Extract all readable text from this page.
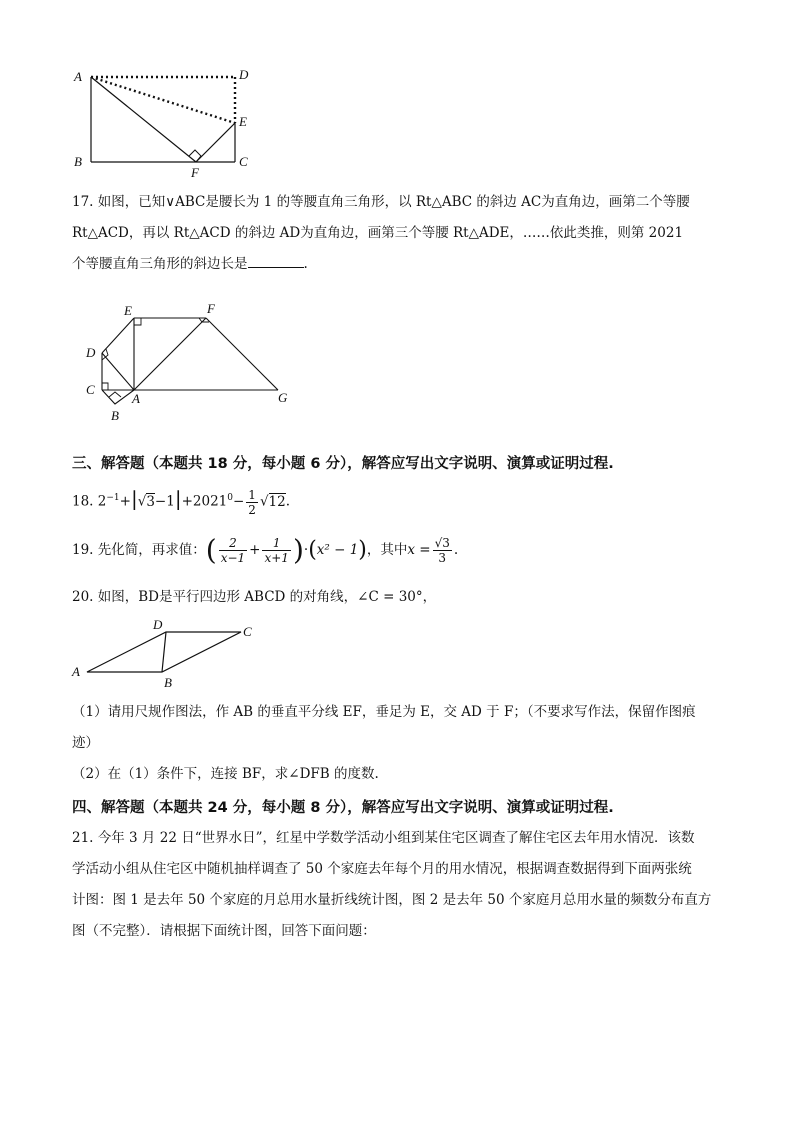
A
B	C
D
E
F
17. 如图，已知∨ABC是腰长为 1 的等腰直角三角形，以 Rt△ABC 的斜边 AC为直角边，画第二个等腰
Rt△ACD，再以 Rt△ACD 的斜边 AD为直角边，画第三个等腰 Rt△ADE，……依此类推，则第 2021
个等腰直角三角形的斜边长是	.
D
C
B
A
E	F
G
三、解答题（本题共 18 分，每小题 6 分），解答应写出文字说明、演算或证明过程.
18. $2^{-1}+|√3-1|+2021^0- \frac{1}{2} √12$.
19. 先化简，再求值：( $\frac{2}{x-1} + \frac{1}{x+1} )\cdot(x^2 - 1)$，其中$x = \frac{√3}{3}$ .
20. 如图，BD是平行四边形 ABCD 的对角线，∠C = 30°，
A
B
C
D
（1）请用尺规作图法，作 AB 的垂直平分线 EF，垂足为 E，交 AD 于 F；（不要求写作法，保留作图痕
迹）
（2）在（1）条件下，连接 BF，求∠DFB 的度数.
四、解答题（本题共 24 分，每小题 8 分），解答应写出文字说明、演算或证明过程.
21. 今年 3 月 22 日“世界水日”，红星中学数学活动小组到某住宅区调查了解住宅区去年用水情况．该数
学活动小组从住宅区中随机抽样调查了 50 个家庭去年每个月的用水情况，根据调查数据得到下面两张统
计图：图 1 是去年 50 个家庭的月总用水量折线统计图，图 2 是去年 50 个家庭月总用水量的频数分布直方
图（不完整）．请根据下面统计图，回答下面问题：
